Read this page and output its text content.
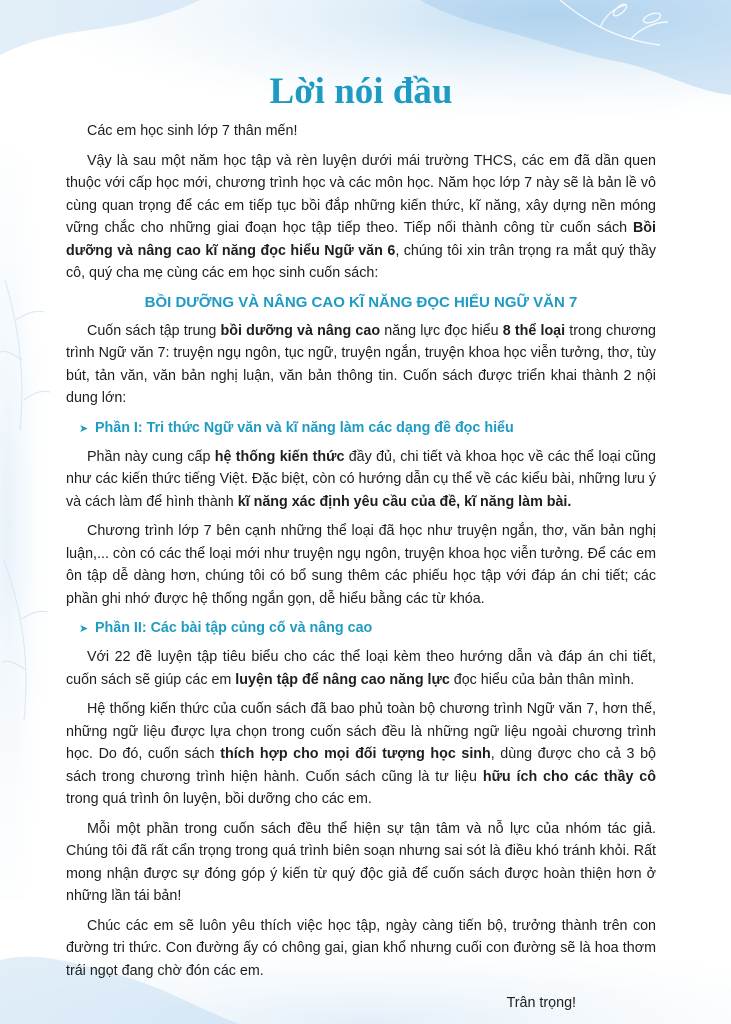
Lời nói đầu

Các em học sinh lớp 7 thân mến!

Vậy là sau một năm học tập và rèn luyện dưới mái trường THCS, các em đã dần quen thuộc với cấp học mới, chương trình học và các môn học. Năm học lớp 7 này sẽ là bản lề vô cùng quan trọng để các em tiếp tục bồi đắp những kiến thức, kĩ năng, xây dựng nền móng vững chắc cho những giai đoạn học tập tiếp theo. Tiếp nối thành công từ cuốn sách Bồi dưỡng và nâng cao kĩ năng đọc hiểu Ngữ văn 6, chúng tôi xin trân trọng ra mắt quý thầy cô, quý cha mẹ cùng các em học sinh cuốn sách:

BỒI DƯỠNG VÀ NÂNG CAO KĨ NĂNG ĐỌC HIỂU NGỮ VĂN 7

Cuốn sách tập trung bồi dưỡng và nâng cao năng lực đọc hiểu 8 thể loại trong chương trình Ngữ văn 7: truyện ngụ ngôn, tục ngữ, truyện ngắn, truyện khoa học viễn tưởng, thơ, tùy bút, tản văn, văn bản nghị luận, văn bản thông tin. Cuốn sách được triển khai thành 2 nội dung lớn:

➤ Phần I: Tri thức Ngữ văn và kĩ năng làm các dạng đề đọc hiểu

Phần này cung cấp hệ thống kiến thức đầy đủ, chi tiết và khoa học về các thể loại cũng như các kiến thức tiếng Việt. Đặc biệt, còn có hướng dẫn cụ thể về các kiểu bài, những lưu ý và cách làm để hình thành kĩ năng xác định yêu cầu của đề, kĩ năng làm bài.

Chương trình lớp 7 bên cạnh những thể loại đã học như truyện ngắn, thơ, văn bản nghị luận,... còn có các thể loại mới như truyện ngụ ngôn, truyện khoa học viễn tưởng. Để các em ôn tập dễ dàng hơn, chúng tôi có bổ sung thêm các phiếu học tập với đáp án chi tiết; các phần ghi nhớ được hệ thống ngắn gọn, dễ hiểu bằng các từ khóa.

➤ Phần II: Các bài tập củng cố và nâng cao

Với 22 đề luyện tập tiêu biểu cho các thể loại kèm theo hướng dẫn và đáp án chi tiết, cuốn sách sẽ giúp các em luyện tập để nâng cao năng lực đọc hiểu của bản thân mình.

Hệ thống kiến thức của cuốn sách đã bao phủ toàn bộ chương trình Ngữ văn 7, hơn thế, những ngữ liệu được lựa chọn trong cuốn sách đều là những ngữ liệu ngoài chương trình học. Do đó, cuốn sách thích hợp cho mọi đối tượng học sinh, dùng được cho cả 3 bộ sách trong chương trình hiện hành. Cuốn sách cũng là tư liệu hữu ích cho các thầy cô trong quá trình ôn luyện, bồi dưỡng cho các em.

Mỗi một phần trong cuốn sách đều thể hiện sự tận tâm và nỗ lực của nhóm tác giả. Chúng tôi đã rất cẩn trọng trong quá trình biên soạn nhưng sai sót là điều khó tránh khỏi. Rất mong nhận được sự đóng góp ý kiến từ quý độc giả để cuốn sách được hoàn thiện hơn ở những lần tái bản!

Chúc các em sẽ luôn yêu thích việc học tập, ngày càng tiến bộ, trưởng thành trên con đường tri thức. Con đường ấy có chông gai, gian khổ nhưng cuối con đường sẽ là hoa thơm trái ngọt đang chờ đón các em.

Trân trọng!
